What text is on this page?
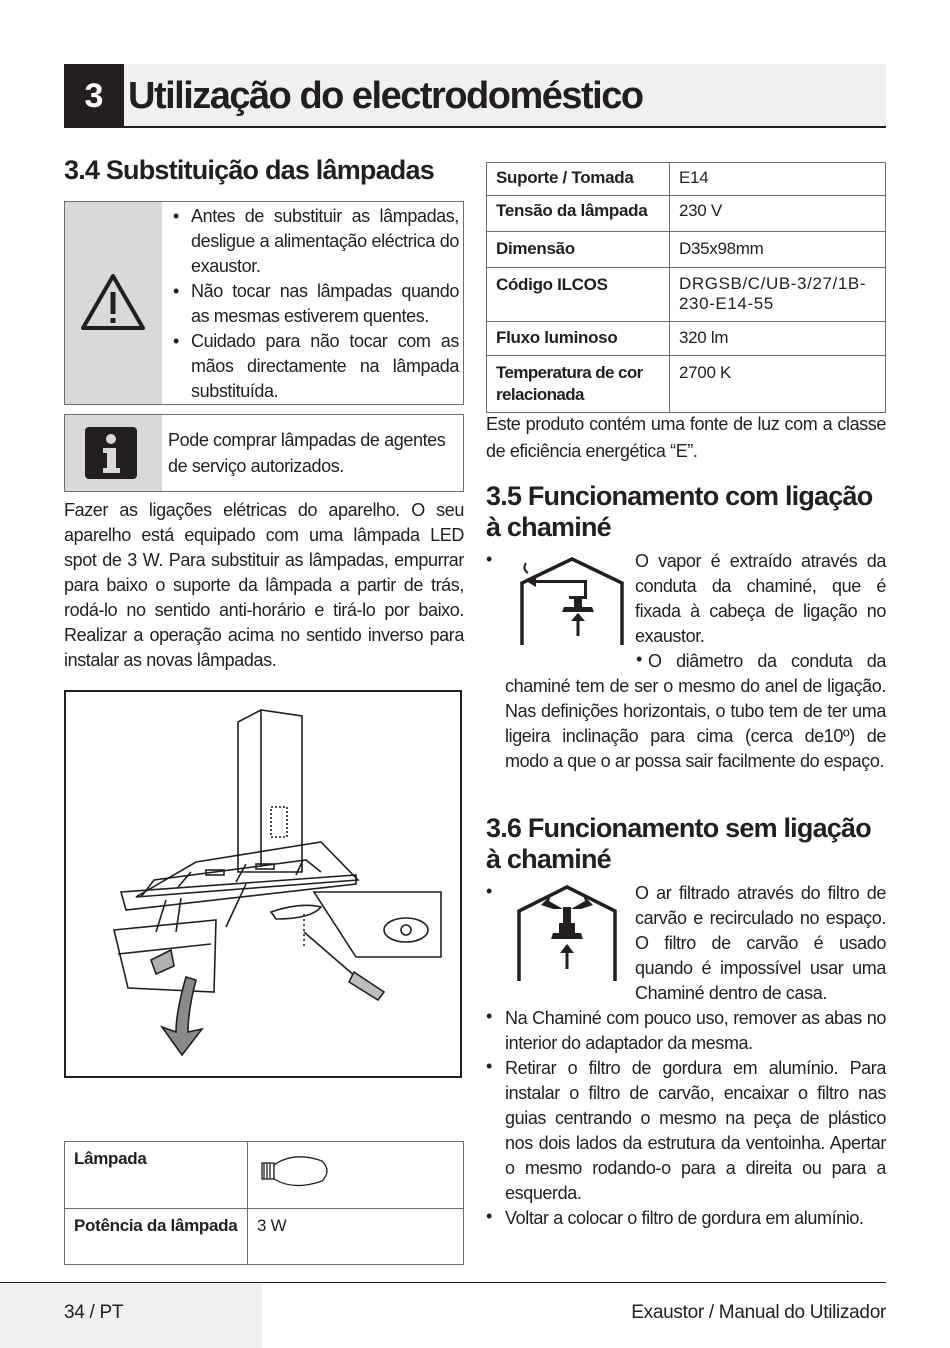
3 Utilização do electrodoméstico
3.4 Substituição das lâmpadas
• Antes de substituir as lâmpadas, desligue a alimentação eléctrica do exaustor.
• Não tocar nas lâmpadas quando as mesmas estiverem quentes.
• Cuidado para não tocar com as mãos directamente na lâmpada substituída.
Pode comprar lâmpadas de agentes de serviço autorizados.
Fazer as ligações elétricas do aparelho. O seu aparelho está equipado com uma lâmpada LED spot de 3 W. Para substituir as lâmpadas, empurrar para baixo o suporte da lâmpada a partir de trás, rodá-lo no sentido anti-horário e tirá-lo por baixo. Realizar a operação acima no sentido inverso para instalar as novas lâmpadas.
Lâmpada	
Potência da lâmpada	3 W
Suporte / Tomada	E14
Tensão da lâmpada	230 V
Dimensão	D35x98mm
Código ILCOS	DRGSB/C/UB-3/27/1B-230-E14-55
Fluxo luminoso	320 lm
Temperatura de cor relacionada	2700 K
Este produto contém uma fonte de luz com a classe de eficiência energética “E”.
3.5 Funcionamento com ligação à chaminé
•	O vapor é extraído através da conduta da chaminé, que é fixada à cabeça de ligação no exaustor.
• O diâmetro da conduta da chaminé tem de ser o mesmo do anel de ligação. Nas definições horizontais, o tubo tem de ter uma ligeira inclinação para cima (cerca de10º) de modo a que o ar possa sair facilmente do espaço.
3.6 Funcionamento sem ligação à chaminé
•	O ar filtrado através do filtro de carvão e recirculado no espaço. O filtro de carvão é usado quando é impossível usar uma Chaminé dentro de casa.
• Na Chaminé com pouco uso, remover as abas no interior do adaptador da mesma.
• Retirar o filtro de gordura em alumínio. Para instalar o filtro de carvão, encaixar o filtro nas guias centrando o mesmo na peça de plástico nos dois lados da estrutura da ventoinha. Apertar o mesmo rodando-o para a direita ou para a esquerda.
• Voltar a colocar o filtro de gordura em alumínio.
34 / PT	Exaustor / Manual do Utilizador
